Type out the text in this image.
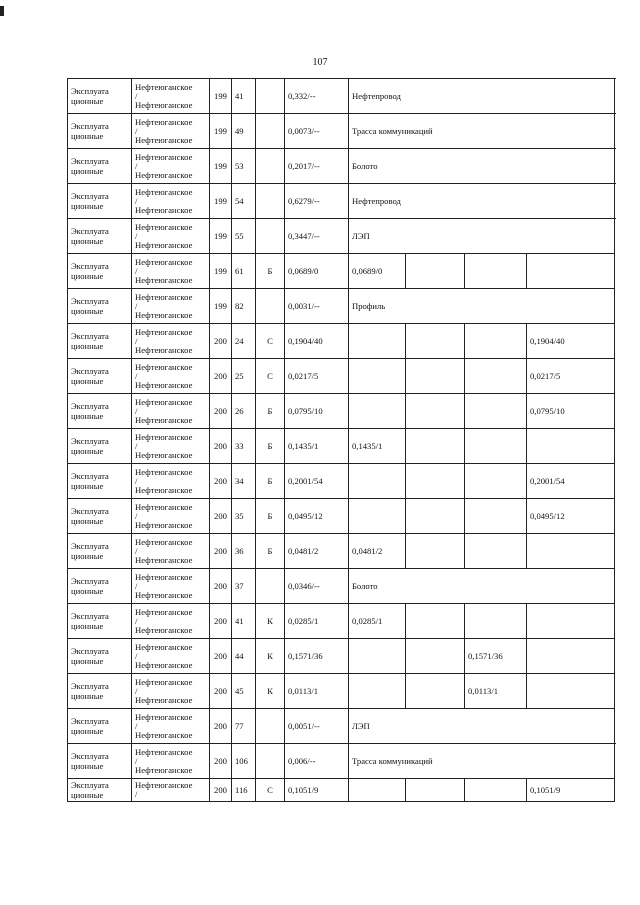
107
Эксплуата
ционные	Нефтеюганское
/
Нефтеюганское	199	41		0,332/--	Нефтепровод			

Эксплуата
ционные	Нефтеюганское
/
Нефтеюганское	199	49		0,0073/--	Трасса коммуникаций			

Эксплуата
ционные	Нефтеюганское
/
Нефтеюганское	199	53		0,2017/--	Болото			

Эксплуата
ционные	Нефтеюганское
/
Нефтеюганское	199	54		0,6279/--	Нефтепровод			

Эксплуата
ционные	Нефтеюганское
/
Нефтеюганское	199	55		0,3447/--	ЛЭП			

Эксплуата
ционные	Нефтеюганское
/
Нефтеюганское	199	61	Б	0,0689/0	0,0689/0			

Эксплуата
ционные	Нефтеюганское
/
Нефтеюганское	199	82		0,0031/--	Профиль			

Эксплуата
ционные	Нефтеюганское
/
Нефтеюганское	200	24	С	0,1904/40				0,1904/40

Эксплуата
ционные	Нефтеюганское
/
Нефтеюганское	200	25	С	0,0217/5				0,0217/5

Эксплуата
ционные	Нефтеюганское
/
Нефтеюганское	200	26	Б	0,0795/10				0,0795/10

Эксплуата
ционные	Нефтеюганское
/
Нефтеюганское	200	33	Б	0,1435/1	0,1435/1			

Эксплуата
ционные	Нефтеюганское
/
Нефтеюганское	200	34	Б	0,2001/54				0,2001/54

Эксплуата
ционные	Нефтеюганское
/
Нефтеюганское	200	35	Б	0,0495/12				0,0495/12

Эксплуата
ционные	Нефтеюганское
/
Нефтеюганское	200	36	Б	0,0481/2	0,0481/2			

Эксплуата
ционные	Нефтеюганское
/
Нефтеюганское	200	37		0,0346/--	Болото			

Эксплуата
ционные	Нефтеюганское
/
Нефтеюганское	200	41	К	0,0285/1	0,0285/1			

Эксплуата
ционные	Нефтеюганское
/
Нефтеюганское	200	44	К	0,1571/36			0,1571/36	

Эксплуата
ционные	Нефтеюганское
/
Нефтеюганское	200	45	К	0,0113/1			0,0113/1	

Эксплуата
ционные	Нефтеюганское
/
Нефтеюганское	200	77		0,0051/--	ЛЭП			

Эксплуата
ционные	Нефтеюганское
/
Нефтеюганское	200	106		0,006/--	Трасса коммуникаций			

Эксплуата
ционные	Нефтеюганское
/	200	116	С	0,1051/9				0,1051/9
